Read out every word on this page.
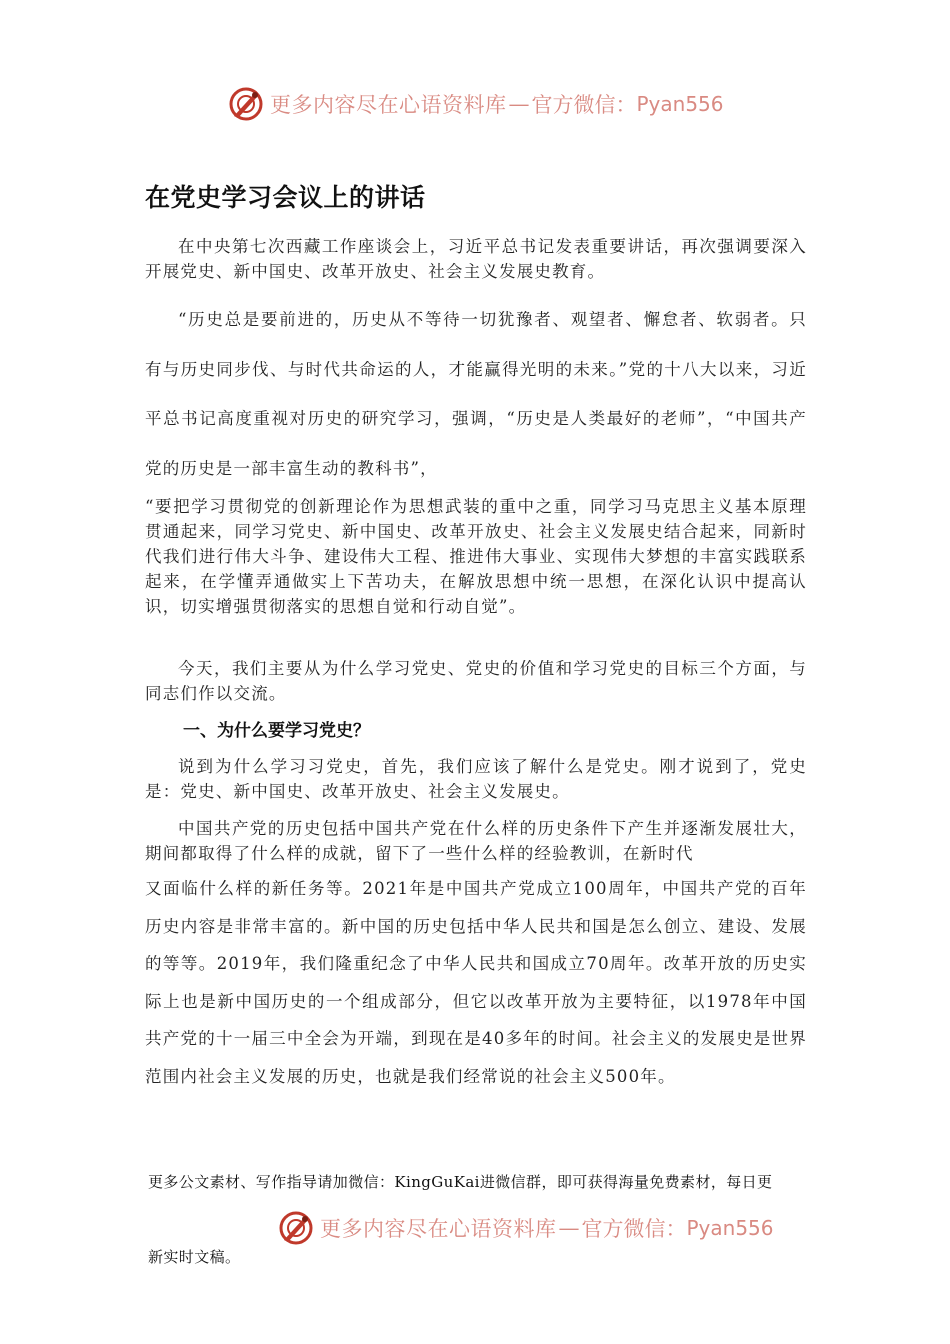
更多内容尽在心语资料库 — 官方微信： Pyan556
在党史学习会议上的讲话

在中央第七次西藏工作座谈会上，习近平总书记发表重要讲话，再次强调要深入开展党史、新中国史、改革开放史、社会主义发展史教育。

“历史总是要前进的，历史从不等待一切犹豫者、观望者、懈怠者、软弱者。只有与历史同步伐、与时代共命运的人，才能赢得光明的未来。”党的十八大以来，习近平总书记高度重视对历史的研究学习，强调，“历史是人类最好的老师”，“中国共产党的历史是一部丰富生动的教科书”，

“要把学习贯彻党的创新理论作为思想武装的重中之重，同学习马克思主义基本原理贯通起来，同学习党史、新中国史、改革开放史、社会主义发展史结合起来，同新时代我们进行伟大斗争、建设伟大工程、推进伟大事业、实现伟大梦想的丰富实践联系起来，在学懂弄通做实上下苦功夫，在解放思想中统一思想，在深化认识中提高认识，切实增强贯彻落实的思想自觉和行动自觉”。

今天，我们主要从为什么学习党史、党史的价值和学习党史的目标三个方面，与同志们作以交流。

一、为什么要学习党史？

说到为什么学习习党史，首先，我们应该了解什么是党史。刚才说到了，党史是：党史、新中国史、改革开放史、社会主义发展史。

中国共产党的历史包括中国共产党在什么样的历史条件下产生并逐渐发展壮大，期间都取得了什么样的成就，留下了一些什么样的经验教训，在新时代

又面临什么样的新任务等。2021年是中国共产党成立100周年，中国共产党的百年历史内容是非常丰富的。新中国的历史包括中华人民共和国是怎么创立、建设、发展的等等。2019年，我们隆重纪念了中华人民共和国成立70周年。改革开放的历史实际上也是新中国历史的一个组成部分，但它以改革开放为主要特征，以1978年中国共产党的十一届三中全会为开端，到现在是40多年的时间。社会主义的发展史是世界范围内社会主义发展的历史，也就是我们经常说的社会主义500年。

更多公文素材、写作指导请加微信：KingGuKai进微信群，即可获得海量免费素材，每日更

更多内容尽在心语资料库 — 官方微信： Pyan556

新实时文稿。
